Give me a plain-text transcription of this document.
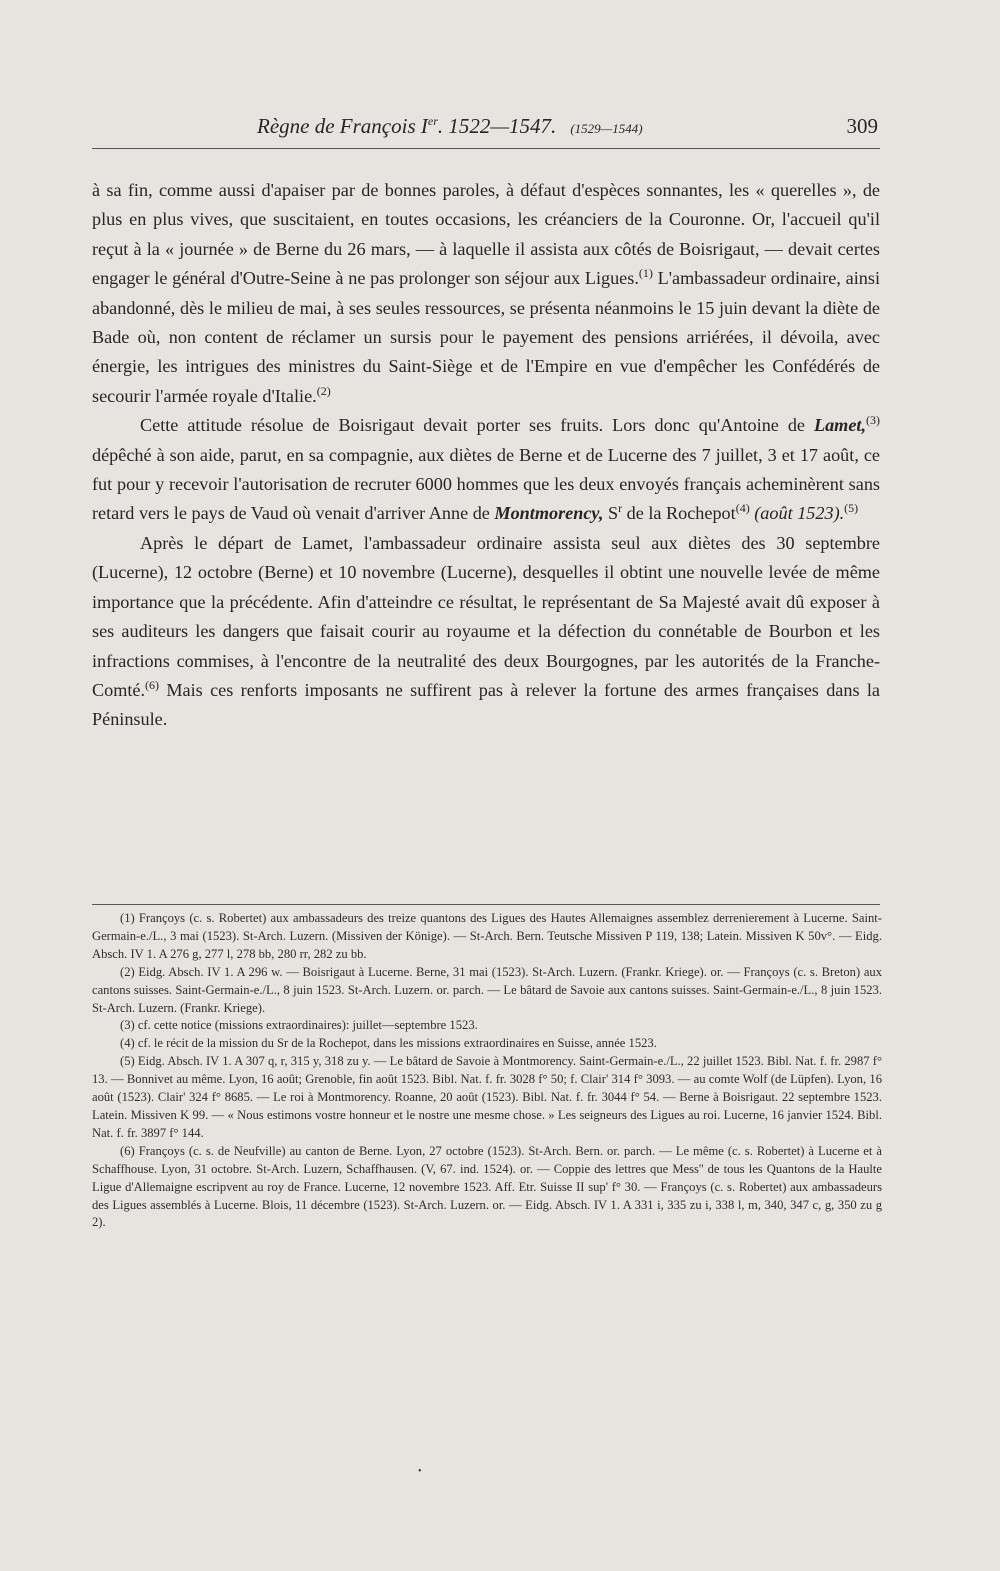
Règne de François Ier. 1522—1547. (1529—1544)	309

à sa fin, comme aussi d'apaiser par de bonnes paroles, à défaut d'espèces sonnantes, les « querelles », de plus en plus vives, que suscitaient, en toutes occasions, les créanciers de la Couronne. Or, l'accueil qu'il reçut à la « journée » de Berne du 26 mars, — à laquelle il assista aux côtés de Boisrigaut, — devait certes engager le général d'Outre-Seine à ne pas prolonger son séjour aux Ligues.$^{(1)}$ L'ambassadeur ordinaire, ainsi abandonné, dès le milieu de mai, à ses seules ressources, se présenta néanmoins le 15 juin devant la diète de Bade où, non content de réclamer un sursis pour le payement des pensions arriérées, il dévoila, avec énergie, les intrigues des ministres du Saint-Siège et de l'Empire en vue d'empêcher les Confédérés de secourir l'armée royale d'Italie.$^{(2)}$

Cette attitude résolue de Boisrigaut devait porter ses fruits. Lors donc qu'Antoine de Lamet,$^{(3)}$ dépêché à son aide, parut, en sa compagnie, aux diètes de Berne et de Lucerne des 7 juillet, 3 et 17 août, ce fut pour y recevoir l'autorisation de recruter 6000 hommes que les deux envoyés français acheminèrent sans retard vers le pays de Vaud où venait d'arriver Anne de Montmorency, $S^r$ de la Rochepot$^{(4)}$ (août 1523).$^{(5)}$

Après le départ de Lamet, l'ambassadeur ordinaire assista seul aux diètes des 30 septembre (Lucerne), 12 octobre (Berne) et 10 novembre (Lucerne), desquelles il obtint une nouvelle levée de même importance que la précédente. Afin d'atteindre ce résultat, le représentant de Sa Majesté avait dû exposer à ses auditeurs les dangers que faisait courir au royaume et la défection du connétable de Bourbon et les infractions commises, à l'encontre de la neutralité des deux Bourgognes, par les autorités de la Franche-Comté.$^{(6)}$ Mais ces renforts imposants ne suffirent pas à relever la fortune des armes françaises dans la Péninsule.

(1) Françoys (c. s. Robertet) aux ambassadeurs des treize quantons des Ligues des Hautes Allemaignes assemblez derrenierement à Lucerne. Saint-Germain-e./L., 3 mai (1523). St-Arch. Luzern. (Missiven der Könige). — St-Arch. Bern. Teutsche Missiven P 119, 138; Latein. Missiven K 50v°. — Eidg. Absch. IV 1. A 276 g, 277 l, 278 bb, 280 rr, 282 zu bb.

(2) Eidg. Absch. IV 1. A 296 w. — Boisrigaut à Lucerne. Berne, 31 mai (1523). St-Arch. Luzern. (Frankr. Kriege). or. — Françoys (c. s. Breton) aux cantons suisses. Saint-Germain-e./L., 8 juin 1523. St-Arch. Luzern. or. parch. — Le bâtard de Savoie aux cantons suisses. Saint-Germain-e./L., 8 juin 1523. St-Arch. Luzern. (Frankr. Kriege).

(3) cf. cette notice (missions extraordinaires): juillet—septembre 1523.

(4) cf. le récit de la mission du Sr de la Rochepot, dans les missions extraordinaires en Suisse, année 1523.

(5) Eidg. Absch. IV 1. A 307 q, r, 315 y, 318 zu y. — Le bâtard de Savoie à Montmorency. Saint-Germain-e./L., 22 juillet 1523. Bibl. Nat. f. fr. 2987 f° 13. — Bonnivet au même. Lyon, 16 août; Grenoble, fin août 1523. Bibl. Nat. f. fr. 3028 f° 50; f. Clair' 314 f° 3093. — au comte Wolf (de Lüpfen). Lyon, 16 août (1523). Clair' 324 f° 8685. — Le roi à Montmorency. Roanne, 20 août (1523). Bibl. Nat. f. fr. 3044 f° 54. — Berne à Boisrigaut. 22 septembre 1523. Latein. Missiven K 99. — « Nous estimons vostre honneur et le nostre une mesme chose. » Les seigneurs des Ligues au roi. Lucerne, 16 janvier 1524. Bibl. Nat. f. fr. 3897 f° 144.

(6) Françoys (c. s. de Neufville) au canton de Berne. Lyon, 27 octobre (1523). St-Arch. Bern. or. parch. — Le même (c. s. Robertet) à Lucerne et à Schaffhouse. Lyon, 31 octobre. St-Arch. Luzern, Schaffhausen. (V, 67. ind. 1524). or. — Coppie des lettres que Mess'' de tous les Quantons de la Haulte Ligue d'Allemaigne escripvent au roy de France. Lucerne, 12 novembre 1523. Aff. Etr. Suisse II sup' f° 30. — Françoys (c. s. Robertet) aux ambassadeurs des Ligues assemblés à Lucerne. Blois, 11 décembre (1523). St-Arch. Luzern. or. — Eidg. Absch. IV 1. A 331 i, 335 zu i, 338 l, m, 340, 347 c, g, 350 zu g 2).

•
